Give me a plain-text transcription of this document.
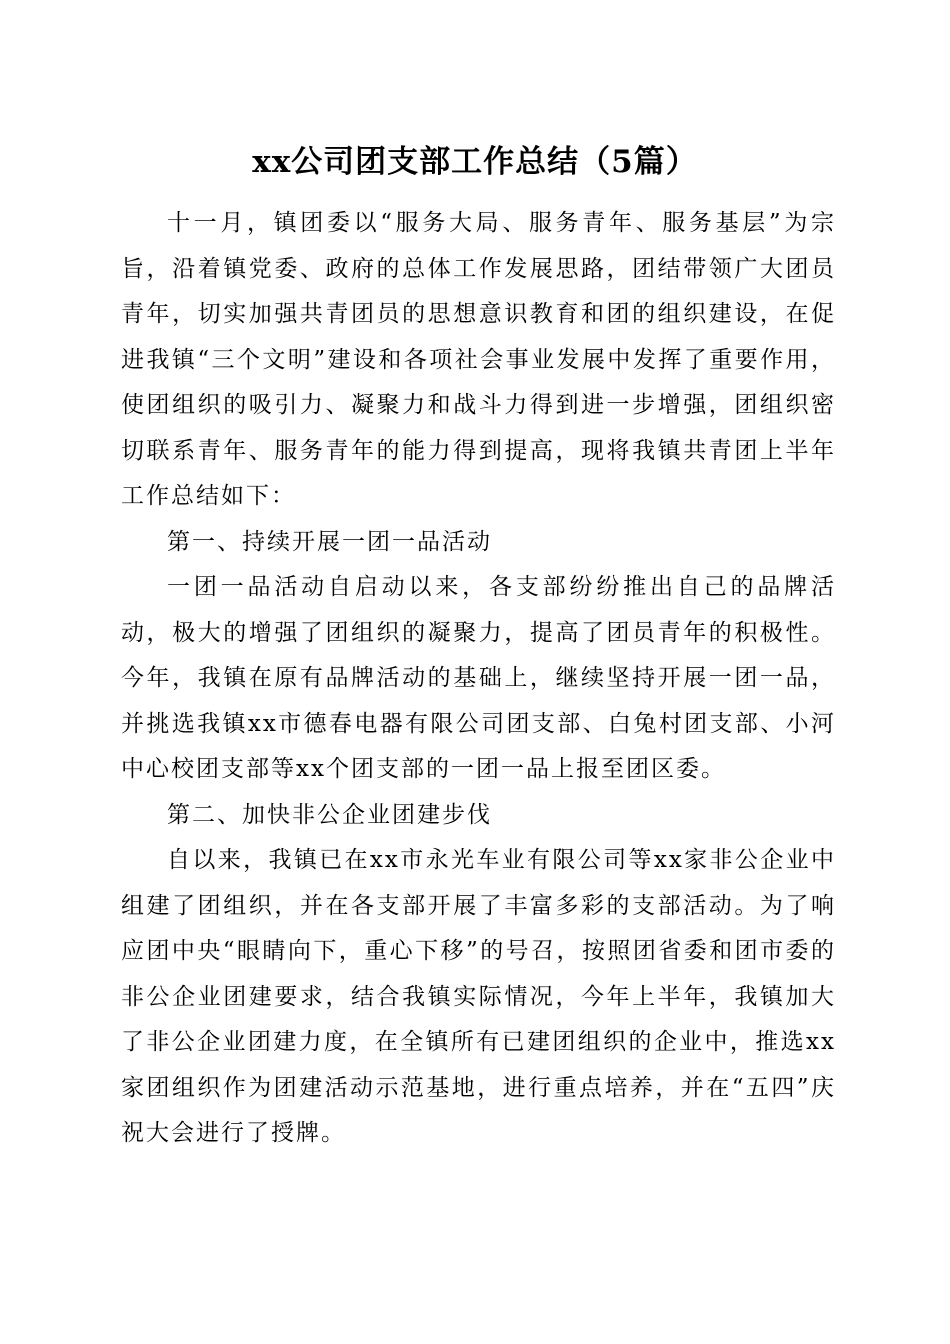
xx公司团支部工作总结（5篇）

十一月，镇团委以“服务大局、服务青年、服务基层”为宗旨，沿着镇党委、政府的总体工作发展思路，团结带领广大团员青年，切实加强共青团员的思想意识教育和团的组织建设，在促进我镇“三个文明”建设和各项社会事业发展中发挥了重要作用，使团组织的吸引力、凝聚力和战斗力得到进一步增强，团组织密切联系青年、服务青年的能力得到提高，现将我镇共青团上半年工作总结如下：

第一、持续开展一团一品活动

一团一品活动自启动以来，各支部纷纷推出自己的品牌活动，极大的增强了团组织的凝聚力，提高了团员青年的积极性。今年，我镇在原有品牌活动的基础上，继续坚持开展一团一品，并挑选我镇xx市德春电器有限公司团支部、白兔村团支部、小河中心校团支部等xx个团支部的一团一品上报至团区委。

第二、加快非公企业团建步伐

自以来，我镇已在xx市永光车业有限公司等xx家非公企业中组建了团组织，并在各支部开展了丰富多彩的支部活动。为了响应团中央“眼睛向下，重心下移”的号召，按照团省委和团市委的非公企业团建要求，结合我镇实际情况，今年上半年，我镇加大了非公企业团建力度，在全镇所有已建团组织的企业中，推选xx家团组织作为团建活动示范基地，进行重点培养，并在“五四”庆祝大会进行了授牌。
